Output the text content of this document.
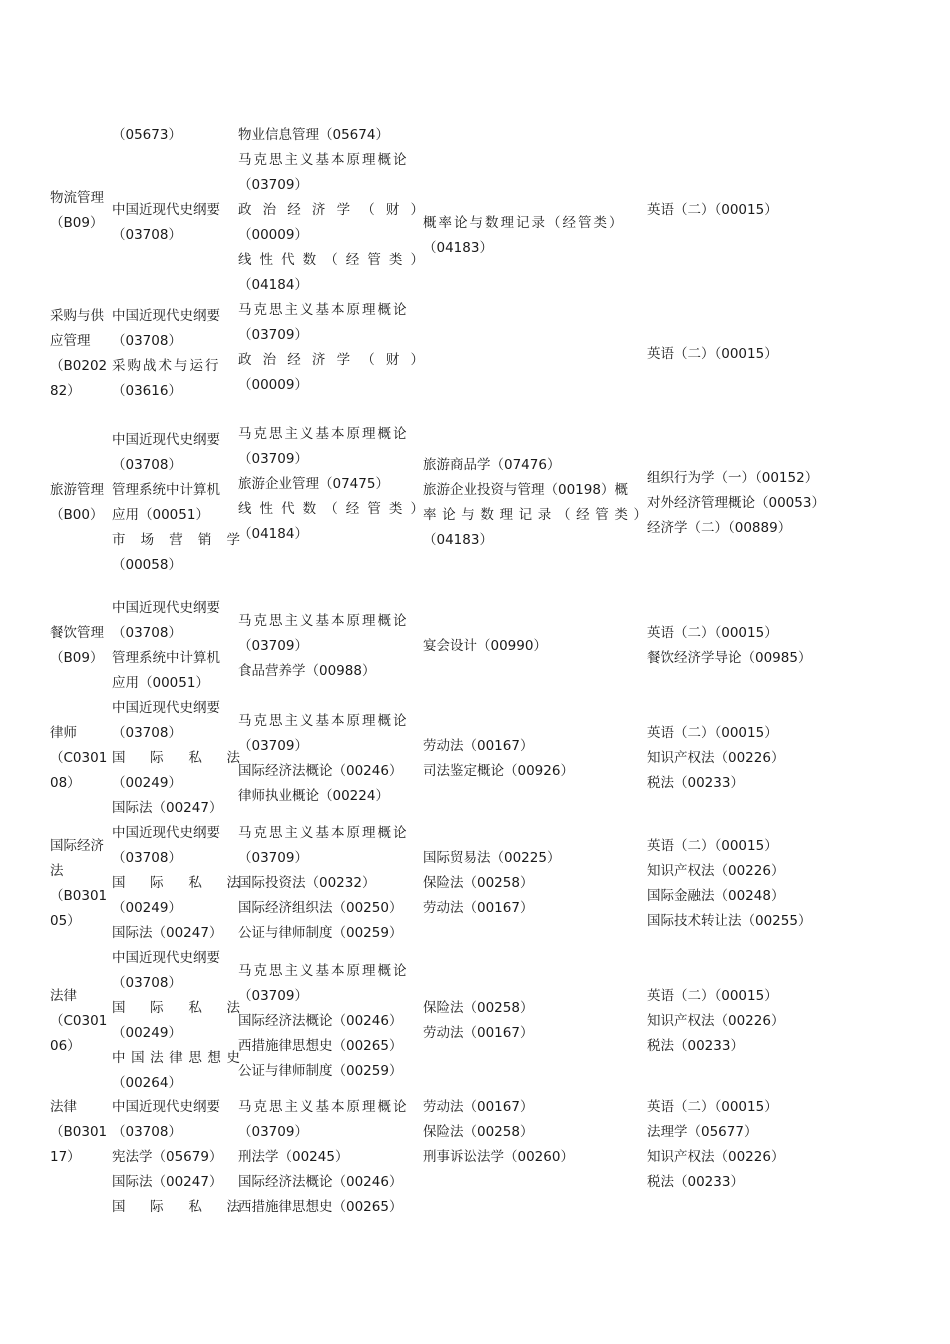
物流管理
（B09）
（05673）
中国近现代史纲要
（03708）
物业信息管理（05674）
马克思主义基本原理概论
（03709）
政 治 经 济 学 （ 财 ）
（00009）
线 性 代 数 （ 经 管 类 ）
（04184）
概率论与数理记录（经管类）
（04183）
英语（二）（00015）
采购与供
应管理
（B0202
82）
中国近现代史纲要
（03708）
采购战术与运行
（03616）
马克思主义基本原理概论
（03709）
政 治 经 济 学 （ 财 ）
（00009）
英语（二）（00015）
旅游管理
（B00）
中国近现代史纲要
（03708）
管理系统中计算机
应用（00051）
市 场 营 销 学
（00058）
马克思主义基本原理概论
（03709）
旅游企业管理（07475）
线 性 代 数 （ 经 管 类 ）
（04184）
旅游商品学（07476）
旅游企业投资与管理（00198）概
率 论 与 数 理 记 录 （ 经 管 类 ）
（04183）
组织行为学（一）（00152）
对外经济管理概论（00053）
经济学（二）（00889）
餐饮管理
（B09）
中国近现代史纲要
（03708）
管理系统中计算机
应用（00051）
马克思主义基本原理概论
（03709）
食品营养学（00988）
宴会设计（00990）
英语（二）（00015）
餐饮经济学导论（00985）
律师
（C0301
08）
中国近现代史纲要
（03708）
国 际 私 法
（00249）
国际法（00247）
马克思主义基本原理概论
（03709）
国际经济法概论（00246）
律师执业概论（00224）
劳动法（00167）
司法鉴定概论（00926）
英语（二）（00015）
知识产权法（00226）
税法（00233）
国际经济
法
（B0301
05）
中国近现代史纲要
（03708）
国 际 私 法
（00249）
国际法（00247）
马克思主义基本原理概论
（03709）
国际投资法（00232）
国际经济组织法（00250）
公证与律师制度（00259）
国际贸易法（00225）
保险法（00258）
劳动法（00167）
英语（二）（00015）
知识产权法（00226）
国际金融法（00248）
国际技术转让法（00255）
法律
（C0301
06）
中国近现代史纲要
（03708）
国 际 私 法
（00249）
中 国 法 律 思 想 史
（00264）
马克思主义基本原理概论
（03709）
国际经济法概论（00246）
西措施律思想史（00265）
公证与律师制度（00259）
保险法（00258）
劳动法（00167）
英语（二）（00015）
知识产权法（00226）
税法（00233）
法律
（B0301
17）
中国近现代史纲要
（03708）
宪法学（05679）
国际法（00247）
国 际 私 法
马克思主义基本原理概论
（03709）
刑法学（00245）
国际经济法概论（00246）
西措施律思想史（00265）
劳动法（00167）
保险法（00258）
刑事诉讼法学（00260）
英语（二）（00015）
法理学（05677）
知识产权法（00226）
税法（00233）
